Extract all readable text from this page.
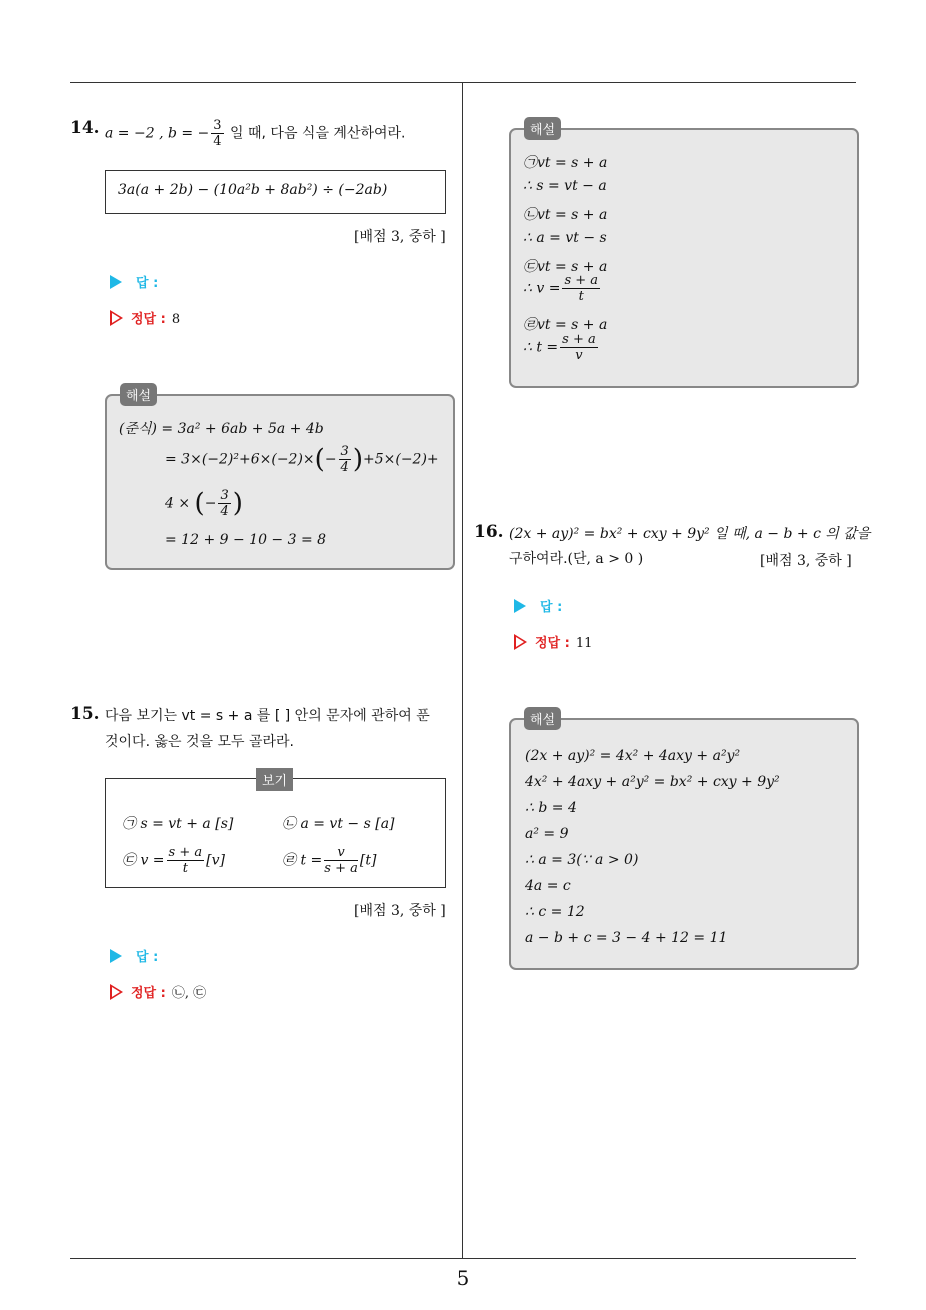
5
14. a = −2 , b = − $\frac{3}{4}$ 일 때, 다음 식을 계산하여라.
3a(a + 2b) − (10a²b + 8ab²) ÷ (−2ab)
[배점 3, 중하 ]
답 :
정답 : 8
(준식) = 3a² + 6ab + 5a + 4b
= $3\times(-2)^2+6\times(-2)\times(- \frac{3}{4} )+5\times(-2)+$
4 × (− $\frac{3}{4}$ )
= 12 + 9 − 10 − 3 = 8
해설
15. 다음 보기는 vt = s + a 를 [ ] 안의 문자에 관하여 푼
것이다. 옳은 것을 모두 골라라.
㉠ s = vt + a [s]	㉡ a = vt − s [a]
㉢ $v = \frac{s + a}{t} [v]$	㉣ $t = \frac{v}{s + a} [t]$
보기
[배점 3, 중하 ]
답 :
정답 : ㉡, ㉢
㉠vt = s + a
∴ s = vt − a
㉡vt = s + a
∴ a = vt − s
㉢vt = s + a
∴ $v = \frac{s + a}{t}$
㉣vt = s + a
∴ $t = \frac{s + a}{v}$
해설
16. (2x + ay)² = bx² + cxy + 9y² 일 때, a − b + c 의 값을
구하여라.(단, a > 0 )	[배점 3, 중하 ]
답 :
정답 : 11
(2x + ay)² = 4x² + 4axy + a²y²
4x² + 4axy + a²y² = bx² + cxy + 9y²
∴ b = 4
a² = 9
∴ a = 3(∵ a > 0)
4a = c
∴ c = 12
a − b + c = 3 − 4 + 12 = 11
해설
